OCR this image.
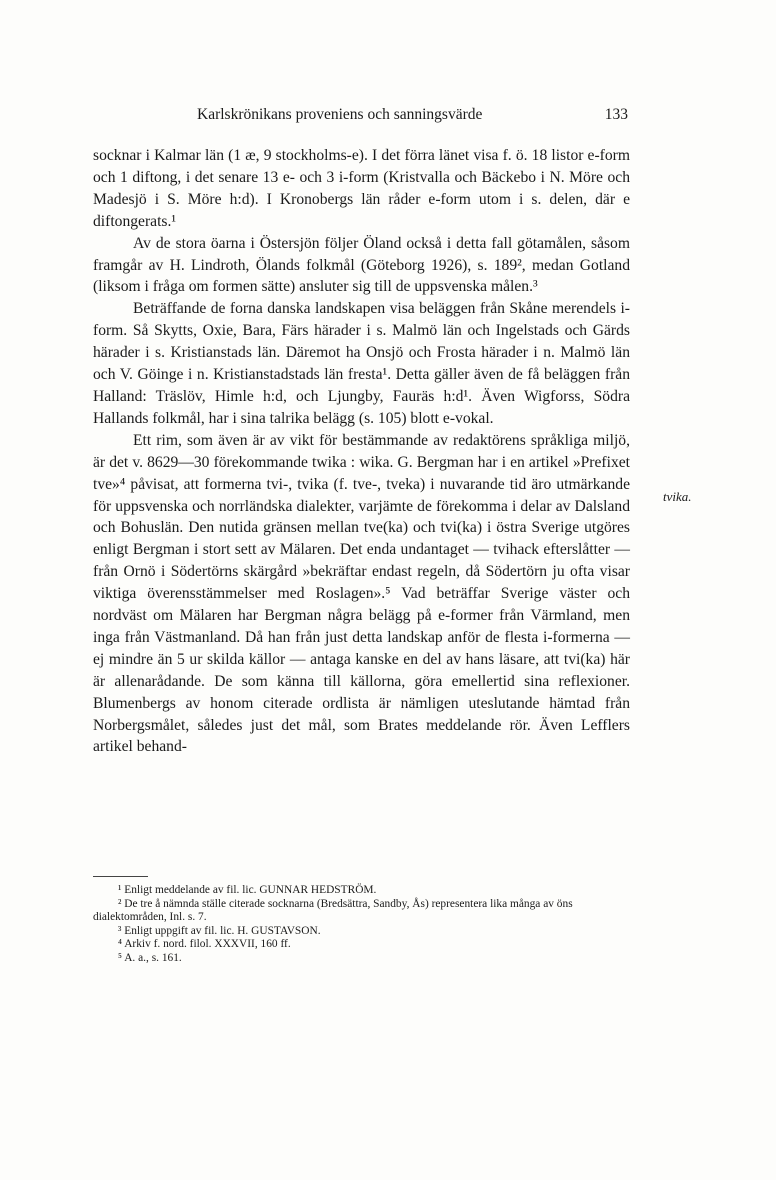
Karlskrönikans proveniens och sanningsvärde	133

socknar i Kalmar län (1 æ, 9 stockholms-e). I det förra länet visa f. ö. 18 listor e-form och 1 diftong, i det senare 13 e- och 3 i-form (Kristvalla och Bäckebo i N. Möre och Madesjö i S. Möre h:d). I Kronobergs län råder e-form utom i s. delen, där e diftongerats.¹

Av de stora öarna i Östersjön följer Öland också i detta fall götamålen, såsom framgår av H. Lindroth, Ölands folkmål (Göteborg 1926), s. 189², medan Gotland (liksom i fråga om formen sätte) ansluter sig till de uppsvenska målen.³

Beträffande de forna danska landskapen visa beläggen från Skåne merendels i-form. Så Skytts, Oxie, Bara, Färs härader i s. Malmö län och Ingelstads och Gärds härader i s. Kristianstads län. Däremot ha Onsjö och Frosta härader i n. Malmö län och V. Göinge i n. Kristianstadstads län fresta¹. Detta gäller även de få beläggen från Halland: Träslöv, Himle h:d, och Ljungby, Fauräs h:d¹. Även Wigforss, Södra Hallands folkmål, har i sina talrika belägg (s. 105) blott e-vokal.

Ett rim, som även är av vikt för bestämmande av redaktörens språkliga miljö, är det v. 8629—30 förekommande twika : wika. G. Bergman har i en artikel »Prefixet tve»⁴ påvisat, att formerna tvi-, tvika (f. tve-, tveka) i nuvarande tid äro utmärkande för uppsvenska och norrländska dialekter, varjämte de förekomma i delar av Dalsland och Bohuslän. Den nutida gränsen mellan tve(ka) och tvi(ka) i östra Sverige utgöres enligt Bergman i stort sett av Mälaren. Det enda undantaget — tvihack efterslåtter — från Ornö i Södertörns skärgård »bekräftar endast regeln, då Södertörn ju ofta visar viktiga överensstämmelser med Roslagen».⁵ Vad beträffar Sverige väster och nordväst om Mälaren har Bergman några belägg på e-former från Värmland, men inga från Västmanland. Då han från just detta landskap anför de flesta i-formerna — ej mindre än 5 ur skilda källor — antaga kanske en del av hans läsare, att tvi(ka) här är allenarådande. De som känna till källorna, göra emellertid sina reflexioner. Blumenbergs av honom citerade ordlista är nämligen uteslutande hämtad från Norbergsmålet, således just det mål, som Brates meddelande rör. Även Lefflers artikel behand-

tvika.
¹ Enligt meddelande av fil. lic. GUNNAR HEDSTRÖM.
² De tre å nämnda ställe citerade socknarna (Bredsättra, Sandby, Ås) representera lika många av öns dialektområden, Inl. s. 7.
³ Enligt uppgift av fil. lic. H. GUSTAVSON.
⁴ Arkiv f. nord. filol. XXXVII, 160 ff.
⁵ A. a., s. 161.
